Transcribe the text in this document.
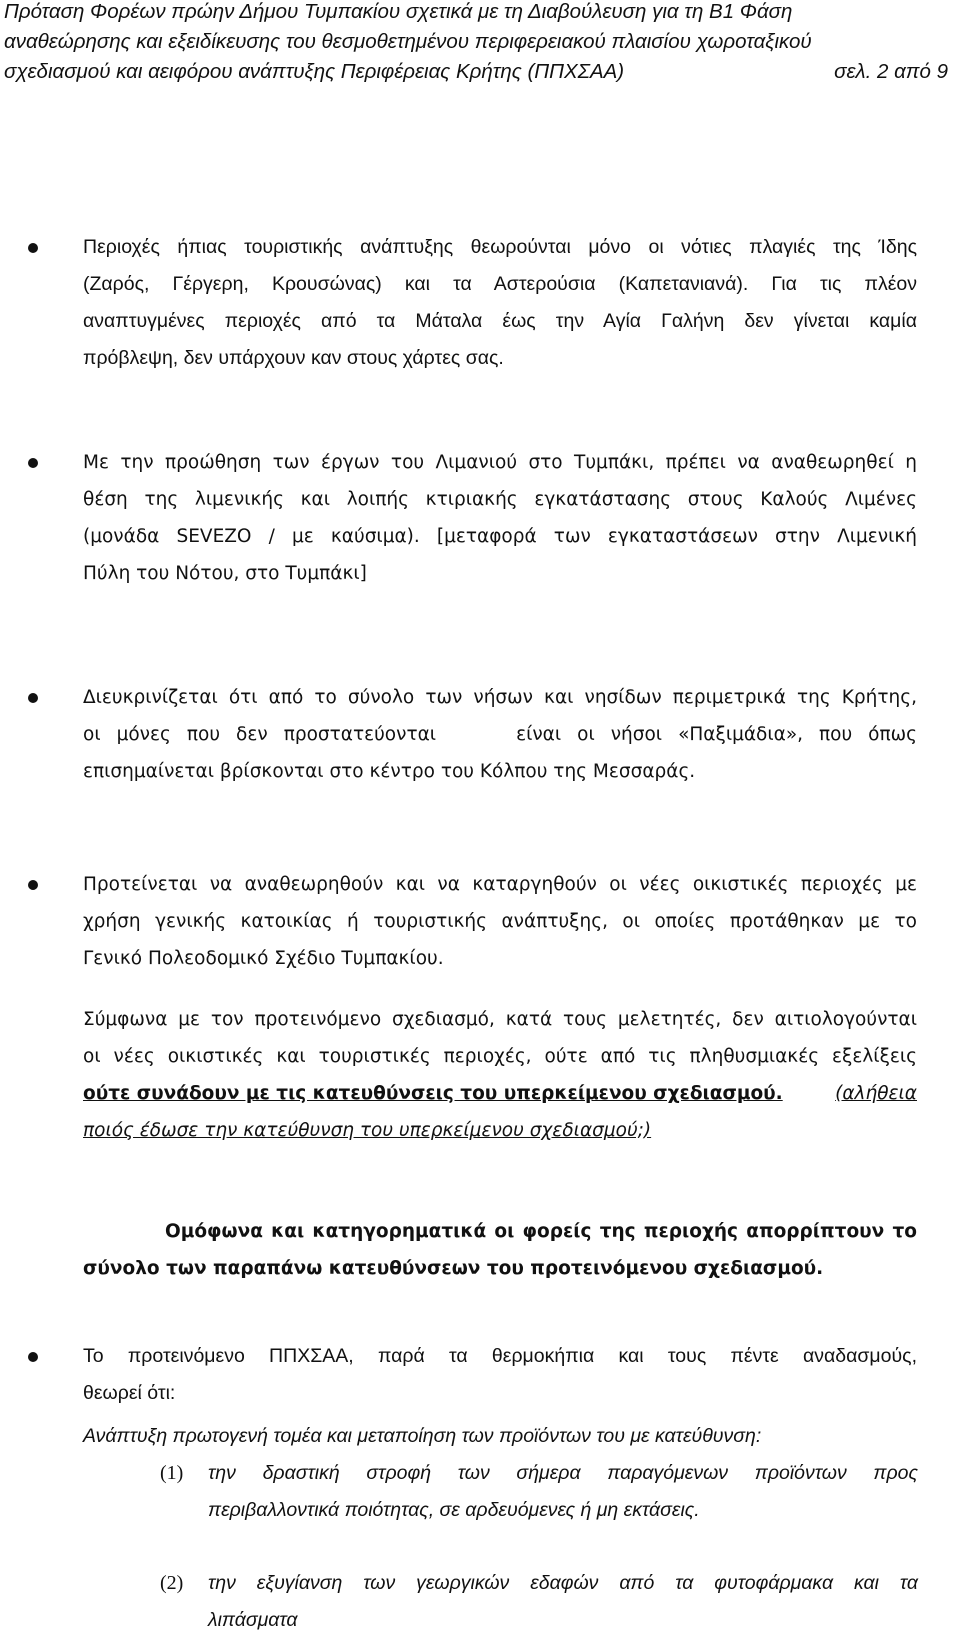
Πρόταση Φορέων πρώην Δήμου Τυμπακίου σχετικά με τη Διαβούλευση για τη Β1 Φάση
αναθεώρησης και εξειδίκευσης του θεσμοθετημένου περιφερειακού πλαισίου χωροταξικού
σχεδιασμού και αειφόρου ανάπτυξης Περιφέρειας Κρήτης (ΠΠΧΣΑΑ)	σελ. 2 από 9
Περιοχές ήπιας τουριστικής ανάπτυξης θεωρούνται μόνο οι νότιες πλαγιές της Ίδης
(Ζαρός, Γέργερη, Κρουσώνας) και τα Αστερούσια (Καπετανιανά). Για τις πλέον
αναπτυγμένες περιοχές από τα Μάταλα έως την Αγία Γαλήνη δεν γίνεται καμία
πρόβλεψη, δεν υπάρχουν καν στους χάρτες σας.
Με την προώθηση των έργων του Λιμανιού στο Τυμπάκι, πρέπει να αναθεωρηθεί η
θέση της λιμενικής και λοιπής κτιριακής εγκατάστασης στους Καλούς Λιμένες
(μονάδα SEVEZO / με καύσιμα). [μεταφορά των εγκαταστάσεων στην Λιμενική
Πύλη του Νότου, στο Τυμπάκι]
Διευκρινίζεται ότι από το σύνολο των νήσων και νησίδων περιμετρικά της Κρήτης,
οι μόνες που δεν προστατεύονται     είναι οι νήσοι «Παξιμάδια», που όπως
επισημαίνεται βρίσκονται στο κέντρο του Κόλπου της Μεσσαράς.
Προτείνεται να αναθεωρηθούν και να καταργηθούν οι νέες οικιστικές περιοχές με
χρήση γενικής κατοικίας ή τουριστικής ανάπτυξης, οι οποίες προτάθηκαν με το
Γενικό Πολεοδομικό Σχέδιο Τυμπακίου.
Σύμφωνα με τον προτεινόμενο σχεδιασμό, κατά τους μελετητές, δεν αιτιολογούνται
οι νέες οικιστικές και τουριστικές περιοχές, ούτε από τις πληθυσμιακές εξελίξεις
ούτε συνάδουν με τις κατευθύνσεις του υπερκείμενου σχεδιασμού.	(αλήθεια
ποιός έδωσε την κατεύθυνση του υπερκείμενου σχεδιασμού;)
Ομόφωνα και κατηγορηματικά οι φορείς της περιοχής απορρίπτουν το
σύνολο των παραπάνω κατευθύνσεων του προτεινόμενου σχεδιασμού.
Το προτεινόμενο ΠΠΧΣΑΑ, παρά τα θερμοκήπια και τους πέντε αναδασμούς,
θεωρεί ότι:
Ανάπτυξη πρωτογενή τομέα και μεταποίηση των προϊόντων του με κατεύθυνση:
(1) την δραστική στροφή των σήμερα παραγόμενων προϊόντων προς
περιβαλλοντικά ποιότητας, σε αρδευόμενες ή μη εκτάσεις.
(2) την εξυγίανση των γεωργικών εδαφών από τα φυτοφάρμακα και τα
λιπάσματα
